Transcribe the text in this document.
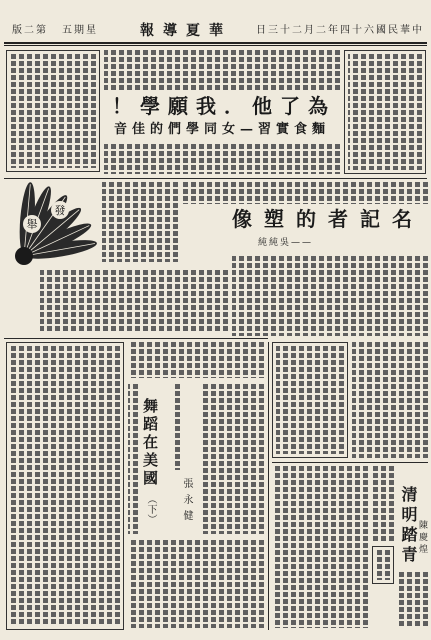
第二版 星期五	華夏導報 中華民國六十四年二月二十三日
為了他．我願學！
麵食實習—女同學們的佳音
舉
發	名記者的塑像
——吳純純
舞蹈在美國
（下）	張永健	清明踏青 陳慶煌
